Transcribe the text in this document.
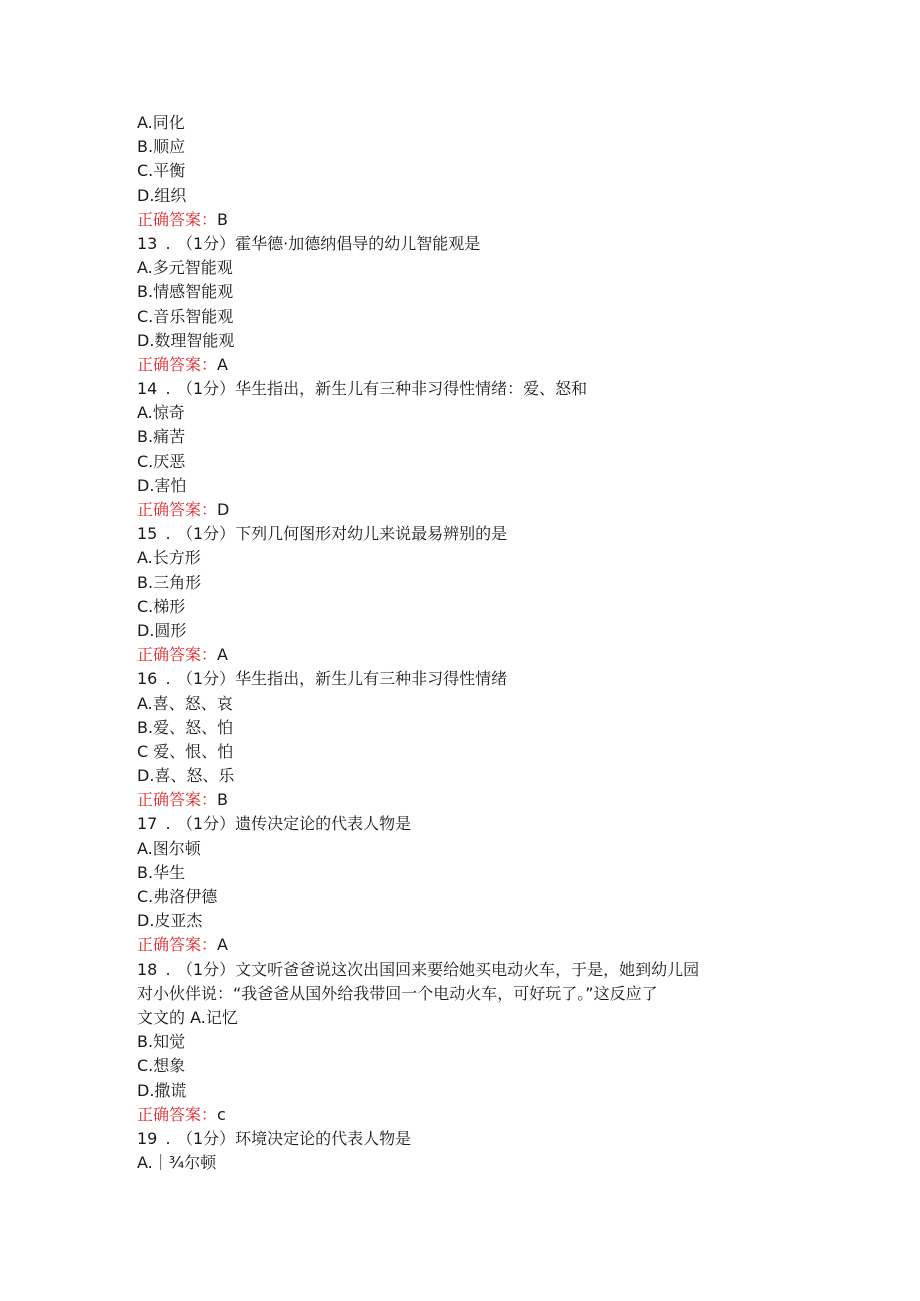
A.同化
B.顺应
C.平衡
D.组织
正确答案：B
13 . （1分）霍华德·加德纳倡导的幼儿智能观是
A.多元智能观
B.情感智能观
C.音乐智能观
D.数理智能观
正确答案：A
14 . （1分）华生指出，新生儿有三种非习得性情绪：爱、怒和
A.惊奇
B.痛苦
C.厌恶
D.害怕
正确答案：D
15 . （1分）下列几何图形对幼儿来说最易辨别的是
A.长方形
B.三角形
C.梯形
D.圆形
正确答案：A
16 . （1分）华生指出，新生儿有三种非习得性情绪
A.喜、怒、哀
B.爱、怒、怕
C 爱、恨、怕
D.喜、怒、乐
正确答案：B
17 . （1分）遗传决定论的代表人物是
A.图尔顿
B.华生
C.弗洛伊德
D.皮亚杰
正确答案：A
18 . （1分）文文听爸爸说这次出国回来要给她买电动火车，于是，她到幼儿园
对小伙伴说：“我爸爸从国外给我带回一个电动火车，可好玩了。”这反应了
文文的 A.记忆
B.知觉
C.想象
D.撒谎
正确答案：c
19 . （1分）环境决定论的代表人物是
A.｜¾尔顿
